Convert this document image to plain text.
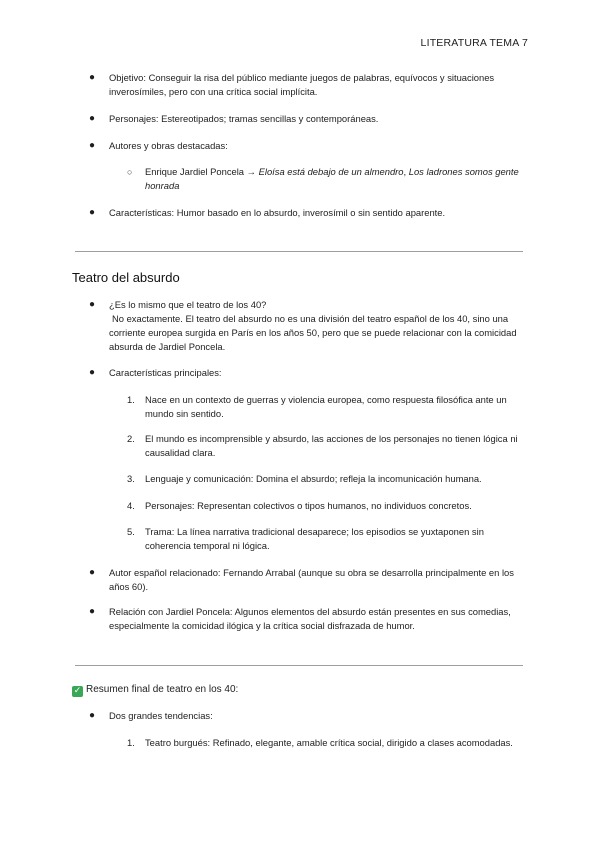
LITERATURA TEMA 7
● Objetivo: Conseguir la risa del público mediante juegos de palabras, equívocos y situaciones inverosímiles, pero con una crítica social implícita.
● Personajes: Estereotipados; tramas sencillas y contemporáneas.
● Autores y obras destacadas:
○ Enrique Jardiel Poncela → Eloísa está debajo de un almendro, Los ladrones somos gente honrada
● Características: Humor basado en lo absurdo, inverosímil o sin sentido aparente.
Teatro del absurdo
● ¿Es lo mismo que el teatro de los 40?
No exactamente. El teatro del absurdo no es una división del teatro español de los 40, sino una corriente europea surgida en París en los años 50, pero que se puede relacionar con la comicidad absurda de Jardiel Poncela.
● Características principales:
1. Nace en un contexto de guerras y violencia europea, como respuesta filosófica ante un mundo sin sentido.
2. El mundo es incomprensible y absurdo, las acciones de los personajes no tienen lógica ni causalidad clara.
3. Lenguaje y comunicación: Domina el absurdo; refleja la incomunicación humana.
4. Personajes: Representan colectivos o tipos humanos, no individuos concretos.
5. Trama: La línea narrativa tradicional desaparece; los episodios se yuxtaponen sin coherencia temporal ni lógica.
● Autor español relacionado: Fernando Arrabal (aunque su obra se desarrolla principalmente en los años 60).
● Relación con Jardiel Poncela: Algunos elementos del absurdo están presentes en sus comedias, especialmente la comicidad ilógica y la crítica social disfrazada de humor.
✓ Resumen final de teatro en los 40:
● Dos grandes tendencias:
1. Teatro burgués: Refinado, elegante, amable crítica social, dirigido a clases acomodadas.
